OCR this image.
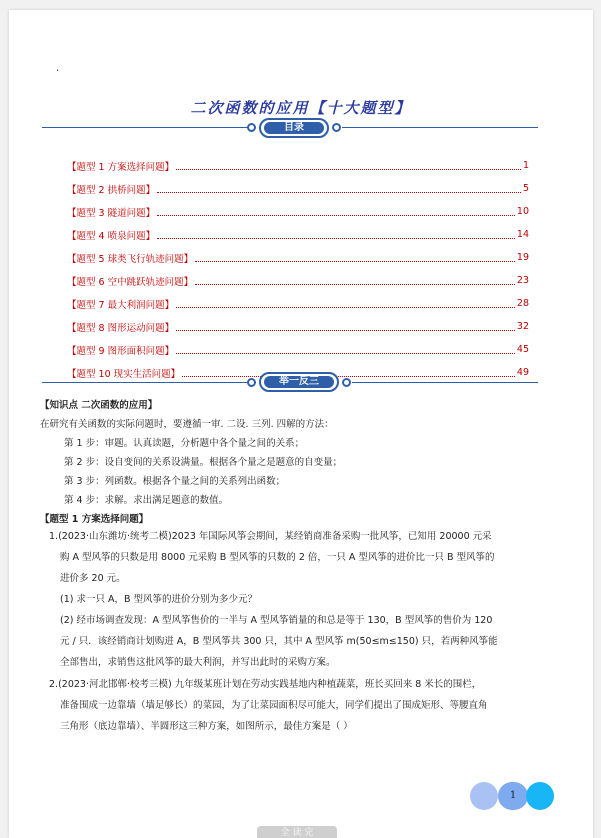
·
二次函数的应用【十大题型】
目录
【题型 1 方案选择问题】	1
【题型 2 拱桥问题】	5
【题型 3 隧道问题】	10
【题型 4 喷泉问题】	14
【题型 5 球类飞行轨迹问题】	19
【题型 6 空中跳跃轨迹问题】	23
【题型 7 最大利润问题】	28
【题型 8 图形运动问题】	32
【题型 9 图形面积问题】	45
【题型 10 现实生活问题】	49
举一反三
【知识点 二次函数的应用】
在研究有关函数的实际问题时，要遵循一审. 二设. 三列. 四解的方法：
第 1 步：审题。认真读题，分析题中各个量之间的关系；
第 2 步：设自变间的关系设满量。根据各个量之是题意的自变量；
第 3 步：列函数。根据各个量之间的关系列出函数；
第 4 步：求解。求出满足题意的数值。
【题型 1 方案选择问题】
1.(2023·山东潍坊·统考二模)2023 年国际风筝会期间，某经销商准备采购一批风筝，已知用 20000 元采
购 A 型风筝的只数是用 8000 元采购 B 型风筝的只数的 2 倍，一只 A 型风筝的进价比一只 B 型风筝的
进价多 20 元。
(1) 求一只 A，B 型风筝的进价分别为多少元？
(2) 经市场调查发现：A 型风筝售价的一半与 A 型风筝销量的和总是等于 130，B 型风筝的售价为 120
元 / 只．该经销商计划购进 A，B 型风筝共 300 只，其中 A 型风筝 m(50≤m≤150) 只，若两种风筝能
全部售出，求销售这批风筝的最大利润，并写出此时的采购方案。
2.(2023·河北邯郸·校考三模) 九年级某班计划在劳动实践基地内种植蔬菜，班长买回来 8 米长的围栏，
准备围成一边靠墙（墙足够长）的菜园，为了让菜园面积尽可能大，同学们提出了围成矩形、等腰直角
三角形（底边靠墙）、半圆形这三种方案，如图所示，最佳方案是（ ）
1
全 读 完
